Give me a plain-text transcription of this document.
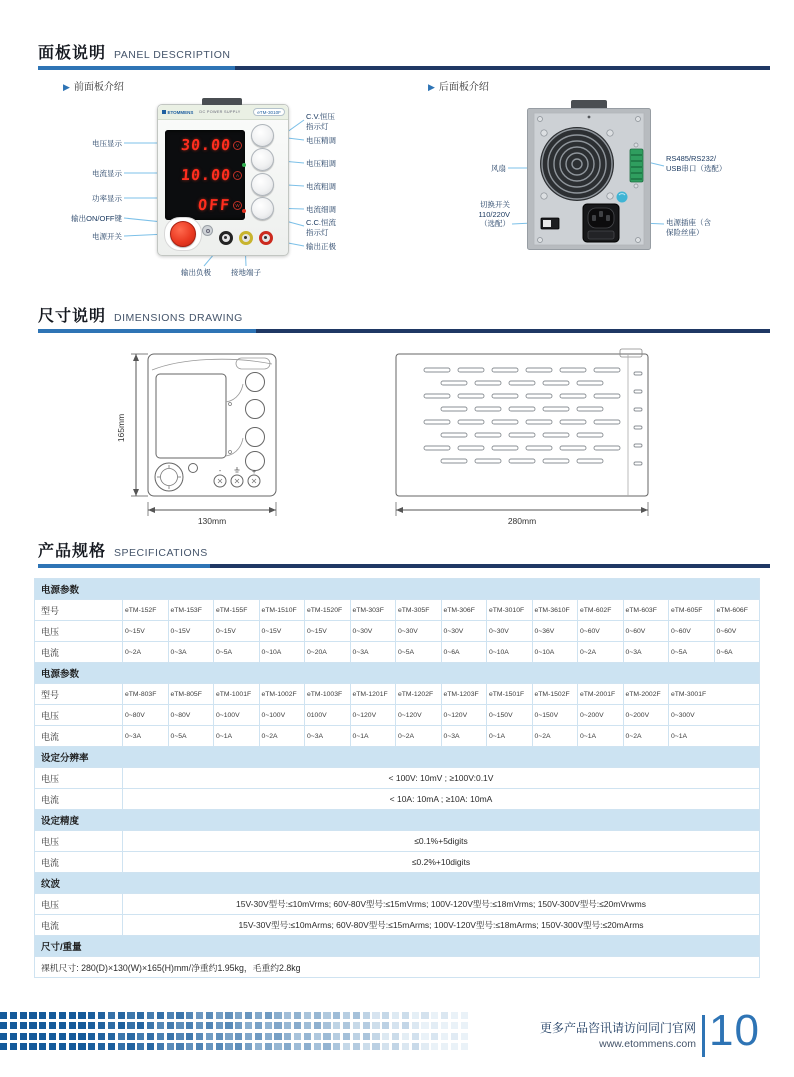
面板说明 PANEL DESCRIPTION
▶ 前面板介绍
ETOMMENS DC POWER SUPPLY	eTM-3010F
30.00 V
10.00 A
OFF W
电压显示
电流显示
功率显示
输出ON/OFF键
电源开关
C.V.恒压
指示灯
电压精调
电压粗调
电流粗调
电流细调
C.C.恒流
指示灯
输出正极
输出负极	接地端子
▶ 后面板介绍
风扇
RS485/RS232/
USB串口（选配）
切换开关
110/220V
（选配）	电源插座（含
保险丝座）
尺寸说明 DIMENSIONS DRAWING
165mm
-	+
130mm	280mm
产品规格 SPECIFICATIONS
电源参数														
型号	eTM-152F	eTM-153F	eTM-155F	eTM-1510F	eTM-1520F	eTM-303F	eTM-305F	eTM-306F	eTM-3010F	eTM-3610F	eTM-602F	eTM-603F	eTM-605F	eTM-606F
电压	0~15V	0~15V	0~15V	0~15V	0~15V	0~30V	0~30V	0~30V	0~30V	0~36V	0~60V	0~60V	0~60V	0~60V
电流	0~2A	0~3A	0~5A	0~10A	0~20A	0~3A	0~5A	0~6A	0~10A	0~10A	0~2A	0~3A	0~5A	0~6A
电源参数														
型号	eTM-803F	eTM-805F	eTM-1001F	eTM-1002F	eTM-1003F	eTM-1201F	eTM-1202F	eTM-1203F	eTM-1501F	eTM-1502F	eTM-2001F	eTM-2002F	eTM-3001F	
电压	0~80V	0~80V	0~100V	0~100V	0100V	0~120V	0~120V	0~120V	0~150V	0~150V	0~200V	0~200V	0~300V	
电流	0~3A	0~5A	0~1A	0~2A	0~3A	0~1A	0~2A	0~3A	0~1A	0~2A	0~1A	0~2A	0~1A	
设定分辨率														
电压	< 100V: 10mV ; ≥100V:0.1V													
电流	< 10A: 10mA ; ≥10A: 10mA													
设定精度														
电压	≤0.1%+5digits													
电流	≤0.2%+10digits													
纹波														
电压	15V-30V型号:≤10mVrms; 60V-80V型号:≤15mVrms; 100V-120V型号:≤18mVrms; 150V-300V型号:≤20mVrwms													
电流	15V-30V型号:≤10mArms; 60V-80V型号:≤15mArms; 100V-120V型号:≤18mArms; 150V-300V型号:≤20mArms													
尺寸/重量														
裸机尺寸: 280(D)×130(W)×165(H)mm/净重约1.95kg，毛重约2.8kg														
更多产品咨讯请访问同门官网
www.etommens.com 10
